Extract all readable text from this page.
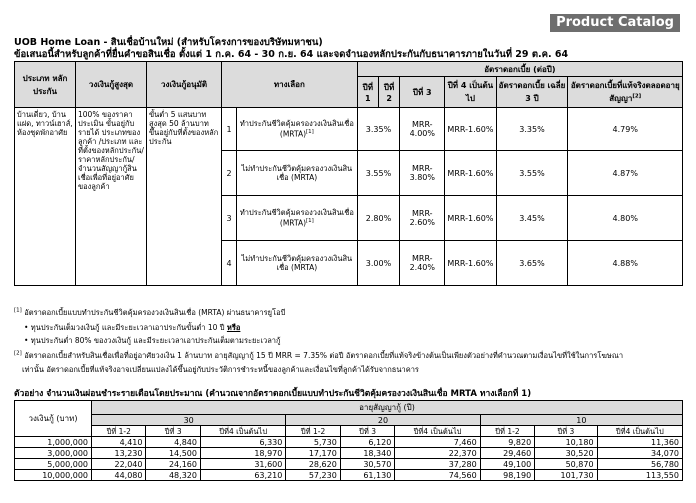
Product Catalog
UOB Home Loan - สินเชื่อบ้านใหม่ (สำหรับโครงการของบริษัทมหาชน)
ข้อเสนอนี้สำหรับลูกค้าที่ยื่นคำขอสินเชื่อ ตั้งแต่ 1 ก.ค. 64 - 30 ก.ย. 64 และจดจำนองหลักประกันกับธนาคารภายในวันที่ 29 ต.ค. 64
ประเภท หลักประกัน	วงเงินกู้สูงสุด	วงเงินกู้อนุมัติ	ทางเลือก		อัตราดอกเบี้ย (ต่อปี)					
					ปีที่ 1	ปีที่ 2	ปีที่ 3	ปีที่ 4 เป็นต้นไป	อัตราดอกเบี้ย เฉลี่ย 3 ปี	อัตราดอกเบี้ยที่แท้จริงตลอดอายุสัญญา[2]
บ้านเดี่ยว, บ้านแฝด, ทาวน์เฮาส์, ห้องชุดพักอาศัย	100% ของราคาประเมิน ขั้นอยู่กับรายได้ ประเภทของลูกค้า /ประเภท และที่ตั้งของหลักประกัน/ราคาหลักประกัน/จำนวนสัญญากู้สินเชื่อเพื่อที่อยู่อาศัยของลูกค้า	ขั้นต่ำ 5 แสนบาท สูงสุด 50 ล้านบาท ขึ้นอยู่กับที่ตั้งของหลักประกัน	1	ทำประกันชีวิตคุ้มครองวงเงินสินเชื่อ (MRTA)[1]	3.35%		MRR-4.00%	MRR-1.60%	3.35%	4.79%
			2	ไม่ทำประกันชีวิตคุ้มครองวงเงินสินเชื่อ (MRTA)	3.55%		MRR-3.80%	MRR-1.60%	3.55%	4.87%
			3	ทำประกันชีวิตคุ้มครองวงเงินสินเชื่อ (MRTA)[1]	2.80%		MRR-2.60%	MRR-1.60%	3.45%	4.80%
			4	ไม่ทำประกันชีวิตคุ้มครองวงเงินสินเชื่อ (MRTA)	3.00%		MRR-2.40%	MRR-1.60%	3.65%	4.88%
[1] อัตราดอกเบี้ยแบบทำประกันชีวิตคุ้มครองวงเงินสินเชื่อ (MRTA) ผ่านธนาคารยูโอบี
• ทุนประกันเต็มวงเงินกู้ และมีระยะเวลาเอาประกันขั้นต่ำ 10 ปี หรือ
• ทุนประกันต่ำ 80% ของวงเงินกู้ และมีระยะเวลาเอาประกันเต็มตามระยะเวลากู้
[2] อัตราดอกเบี้ยสำหรับสินเชื่อเพื่อที่อยู่อาศัยวงเงิน 1 ล้านบาท อายุสัญญากู้ 15 ปี MRR = 7.35% ต่อปี อัตราดอกเบี้ยที่แท้จริงข้างต้นเป็นเพียงตัวอย่างที่คำนวณตามเงื่อนไขที่ใช้ในการโฆษณา
เท่านั้น อัตราดอกเบี้ยที่แท้จริงอาจเปลี่ยนแปลงได้ขึ้นอยู่กับประวัติการชำระหนี้ของลูกค้าและเงื่อนไขที่ลูกค้าได้รับจากธนาคาร
ตัวอย่าง จำนวนเงินผ่อนชำระรายเดือนโดยประมาณ (คำนวณจากอัตราดอกเบี้ยแบบทำประกันชีวิตคุ้มครองวงเงินสินเชื่อ MRTA ทางเลือกที่ 1)
วงเงินกู้ (บาท)	อายุสัญญากู้ (ปี)								
	30			20			10		
	ปีที่ 1-2	ปีที่ 3	ปีที่4 เป็นต้นไป	ปีที่ 1-2	ปีที่ 3	ปีที่4 เป็นต้นไป	ปีที่ 1-2	ปีที่ 3	ปีที่4 เป็นต้นไป
1,000,000	4,410	4,840	6,330	5,730	6,120	7,460	9,820	10,180	11,360
3,000,000	13,230	14,500	18,970	17,170	18,340	22,370	29,460	30,520	34,070
5,000,000	22,040	24,160	31,600	28,620	30,570	37,280	49,100	50,870	56,780
10,000,000	44,080	48,320	63,210	57,230	61,130	74,560	98,190	101,730	113,550
